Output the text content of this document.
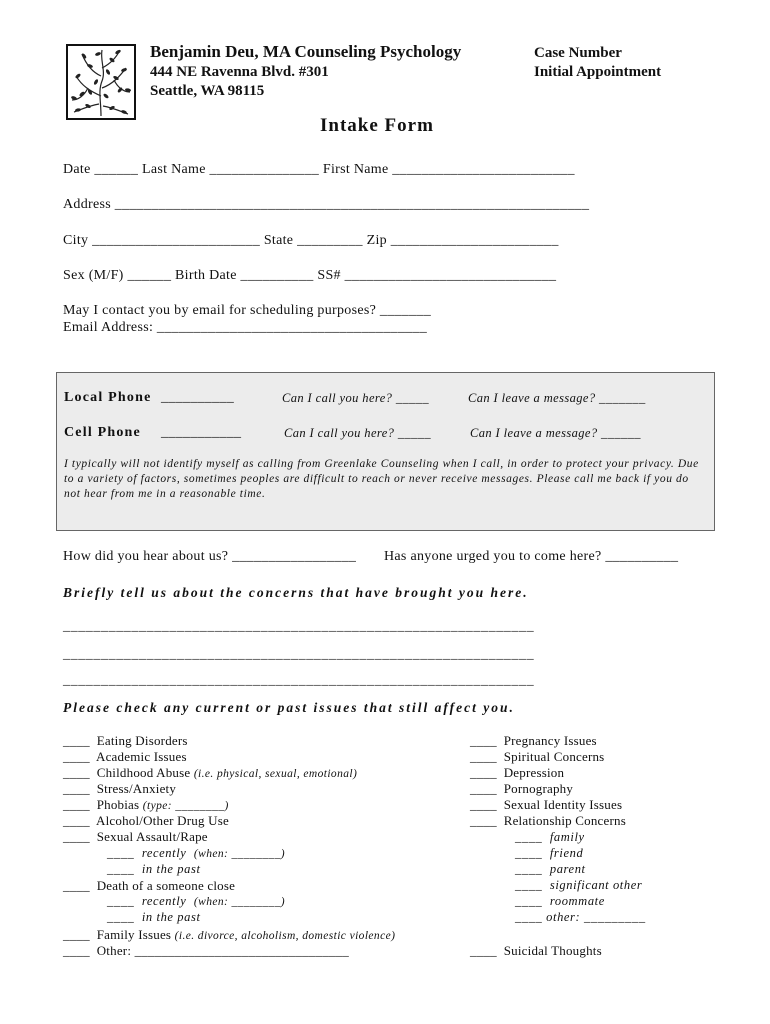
Benjamin Deu, MA Counseling Psychology
444 NE Ravenna Blvd. #301
Seattle, WA 98115
Case Number
Initial Appointment
Intake Form
Date ______ Last Name _______________ First Name _________________________
Address _________________________________________________________________
City _______________________ State _________ Zip _______________________
Sex (M/F) ______ Birth Date __________ SS# _____________________________
May I contact you by email for scheduling purposes? _______
Email Address: _____________________________________
Local Phone __________	Can I call you here? _____	Can I leave a message? _______
Cell Phone ___________	Can I call you here? _____	Can I leave a message? ______
I typically will not identify myself as calling from Greenlake Counseling when I call, in order to protect your privacy. Due to a variety of factors, sometimes peoples are difficult to reach or never receive messages. Please call me back if you do not hear from me in a reasonable time.
How did you hear about us? _________________ Has anyone urged you to come here? __________
Briefly tell us about the concerns that have brought you here.
______________________________________________________________
______________________________________________________________
______________________________________________________________
Please check any current or past issues that still affect you.
____ Eating Disorders
____ Academic Issues
____ Childhood Abuse (i.e. physical, sexual, emotional)
____ Stress/Anxiety
____ Phobias (type: ________)
____ Alcohol/Other Drug Use
____ Sexual Assault/Rape
____ recently (when: ________)
____ in the past
____ Death of a someone close
____ recently (when: ________)
____ in the past
____ Family Issues (i.e. divorce, alcoholism, domestic violence)
____ Other: ________________________________
____ Pregnancy Issues
____ Spiritual Concerns
____ Depression
____ Pornography
____ Sexual Identity Issues
____ Relationship Concerns
____ family
____ friend
____ parent
____ significant other
____ roommate
____ other: _________
____ Suicidal Thoughts
